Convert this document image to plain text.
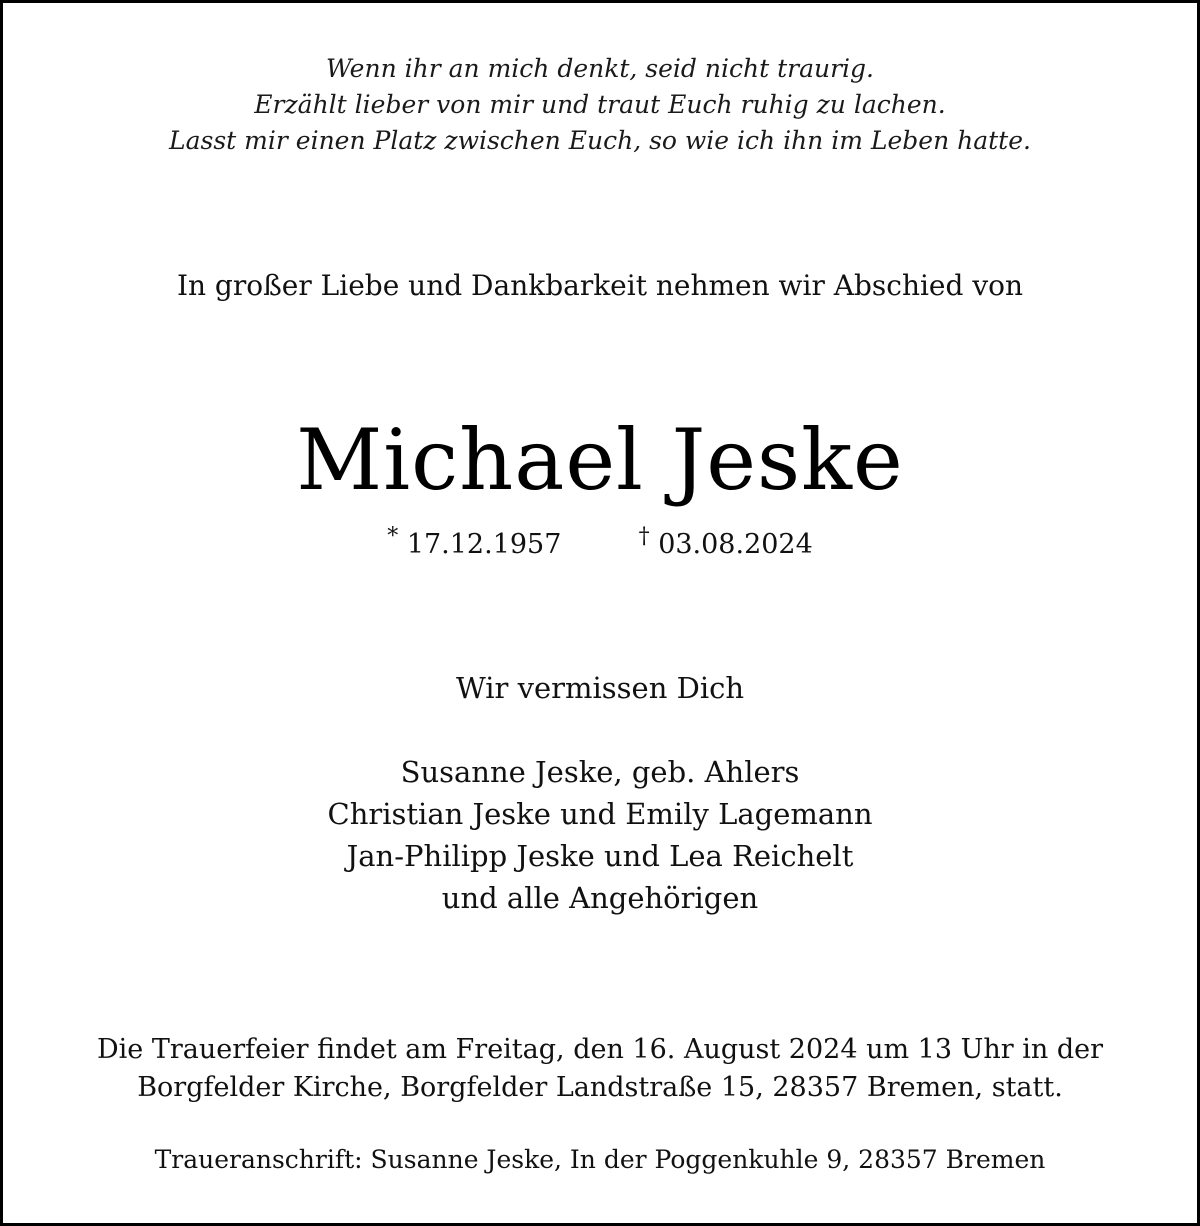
Wenn ihr an mich denkt, seid nicht traurig.
Erzählt lieber von mir und traut Euch ruhig zu lachen.
Lasst mir einen Platz zwischen Euch, so wie ich ihn im Leben hatte.
In großer Liebe und Dankbarkeit nehmen wir Abschied von
Michael Jeske
* 17.12.1957	† 03.08.2024
Wir vermissen Dich
Susanne Jeske, geb. Ahlers
Christian Jeske und Emily Lagemann
Jan-Philipp Jeske und Lea Reichelt
und alle Angehörigen
Die Trauerfeier findet am Freitag, den 16. August 2024 um 13 Uhr in der
Borgfelder Kirche, Borgfelder Landstraße 15, 28357 Bremen, statt.
Traueranschrift: Susanne Jeske, In der Poggenkuhle 9, 28357 Bremen
